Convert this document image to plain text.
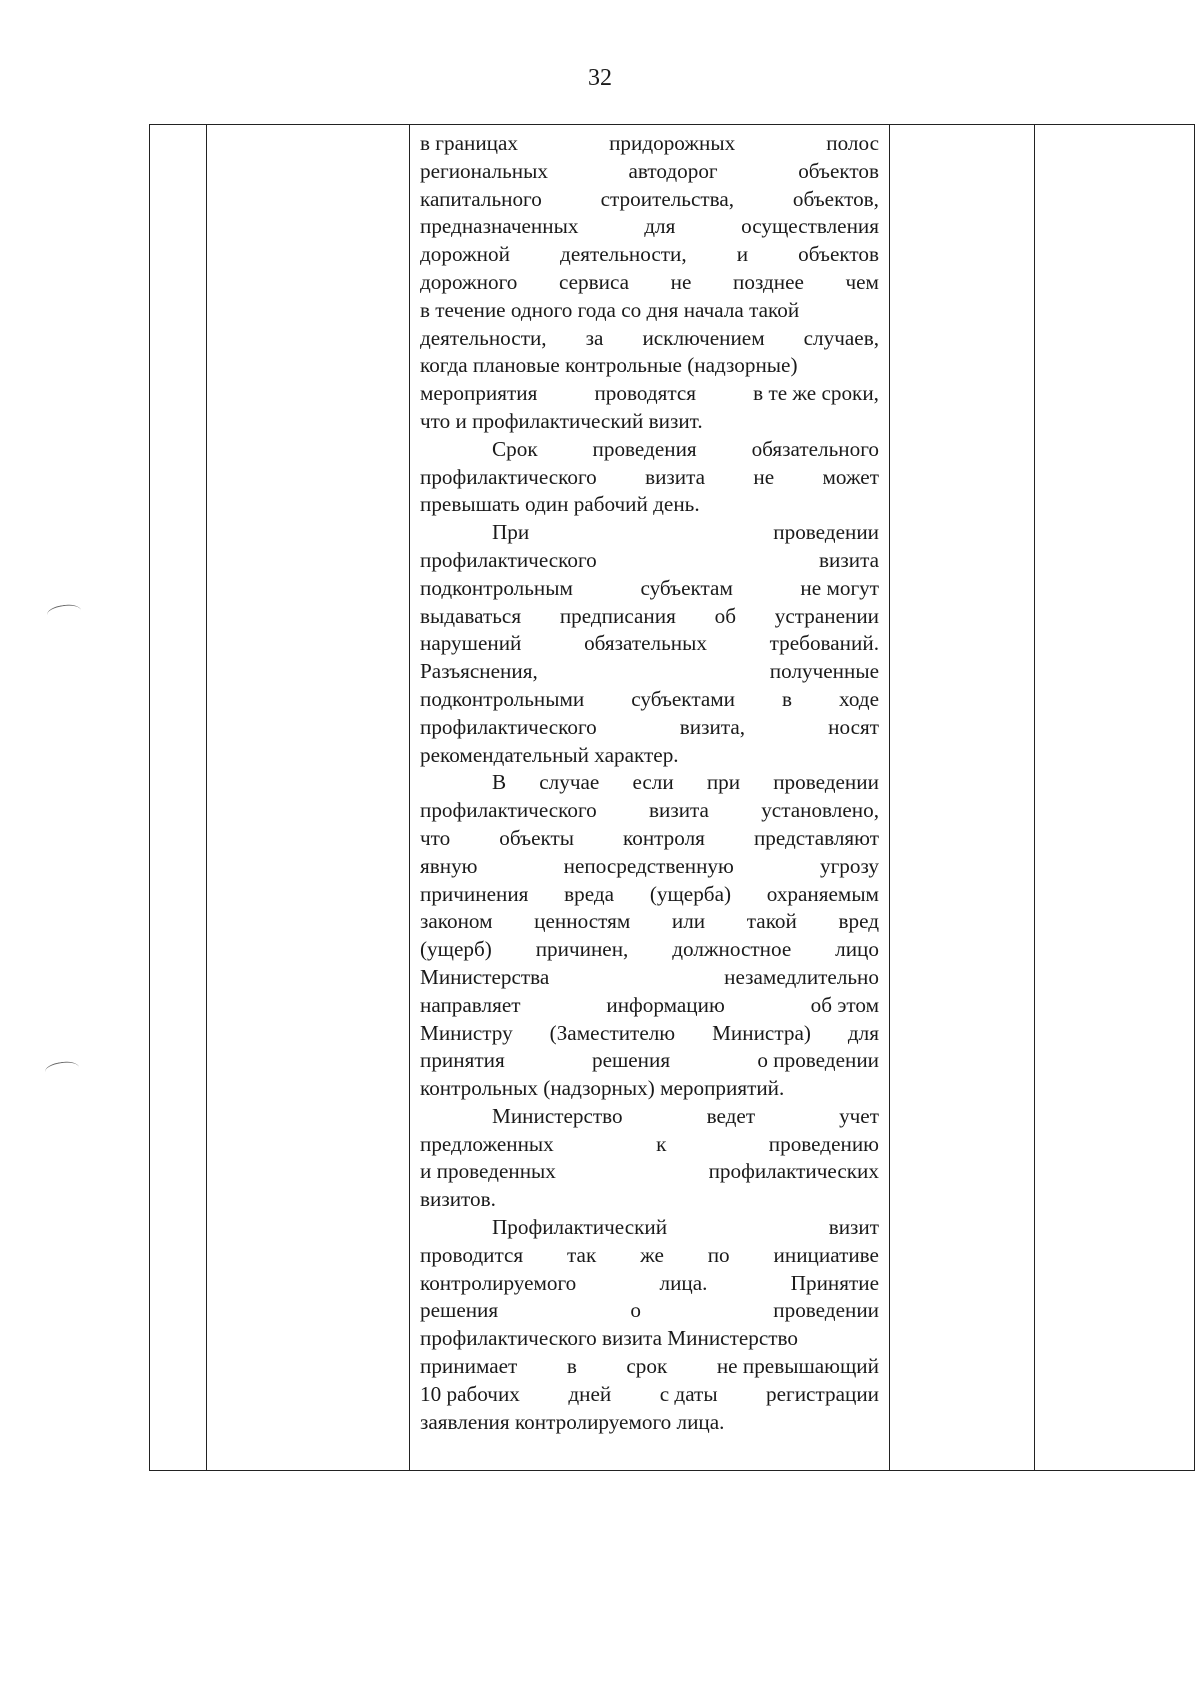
32

в границах	придорожных	полос
региональных	автодорог	объектов
капитального	строительства,	объектов,
предназначенных	для	осуществления
дорожной деятельности, и объектов
дорожного сервиса не позднее чем
в течение одного года со дня начала такой
деятельности, за исключением случаев,
когда плановые контрольные (надзорные)
мероприятия	проводятся	в те же сроки,
что и профилактический визит.
Срок	проведения	обязательного
профилактического визита не может
превышать один рабочий день.
При	проведении
профилактического	визита
подконтрольным	субъектам	не могут
выдаваться предписания об устранении
нарушений	обязательных	требований.
Разъяснения,	полученные
подконтрольными субъектами в ходе
профилактического	визита,	носят
рекомендательный характер.
В случае если при проведении
профилактического визита установлено,
что объекты контроля представляют
явную	непосредственную	угрозу
причинения вреда (ущерба) охраняемым
законом ценностям или такой вред
(ущерб) причинен, должностное лицо
Министерства	незамедлительно
направляет	информацию	об этом
Министру (Заместителю Министра) для
принятия	решения	о проведении
контрольных (надзорных) мероприятий.
Министерство	ведет	учет
предложенных	к	проведению
и проведенных	профилактических
визитов.
Профилактический	визит
проводится так же по инициативе
контролируемого	лица.	Принятие
решения	о	проведении
профилактического визита Министерство
принимает в срок не превышающий
10 рабочих дней с даты регистрации
заявления контролируемого лица.
